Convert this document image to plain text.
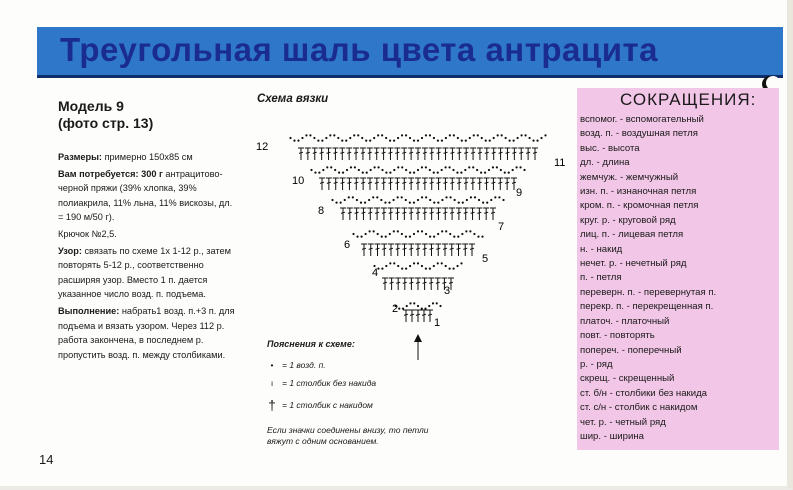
Треугольная шаль цвета антрацита
Модель 9
(фото стр. 13)

Размеры: примерно 150х85 см

Вам потребуется: 300 г антрацитово-черной пряжи (39% хлопка, 39% полиакрила, 11% льна, 11% вискозы, дл. = 190 м/50 г).

Крючок №2,5.

Узор: связать по схеме 1х 1-12 р., затем повторять 5-12 р., соответственно расширяя узор. Вместо 1 п. дается указанное число возд. п. подъема.

Выполнение: набрать1 возд. п.+3 п. для подъема и вязать узором. Через 112 р. работа закончена, в последнем р. пропустить возд. п. между столбиками.

14
Схема вязки
1
2
3
4
5
6
7
8
9
10
11
12
Пояснения к схеме:
•	= 1 возд. п.
ı	= 1 столбик без накида
† = 1 столбик с накидом
Если значки соединены внизу, то петли вяжут с одним основанием.
СОКРАЩЕНИЯ:
вспомог. - вспомогательный
возд. п. - воздушная петля
выс. - высота
дл. - длина
жемчуж. - жемчужный
изн. п. - изнаночная петля
кром. п. - кромочная петля
круг. р. - круговой ряд
лиц. п. - лицевая петля
н. - накид
нечет. р. - нечетный ряд
п. - петля
переверн. п. - перевернутая п.
перекр. п. - перекрещенная п.
платоч. - платочный
повт. - повторять
попереч. - поперечный
р. - ряд
скрещ. - скрещенный
ст. б/н - столбики без накида
ст. с/н - столбик с накидом
чет. р. - четный ряд
шир. - ширина
